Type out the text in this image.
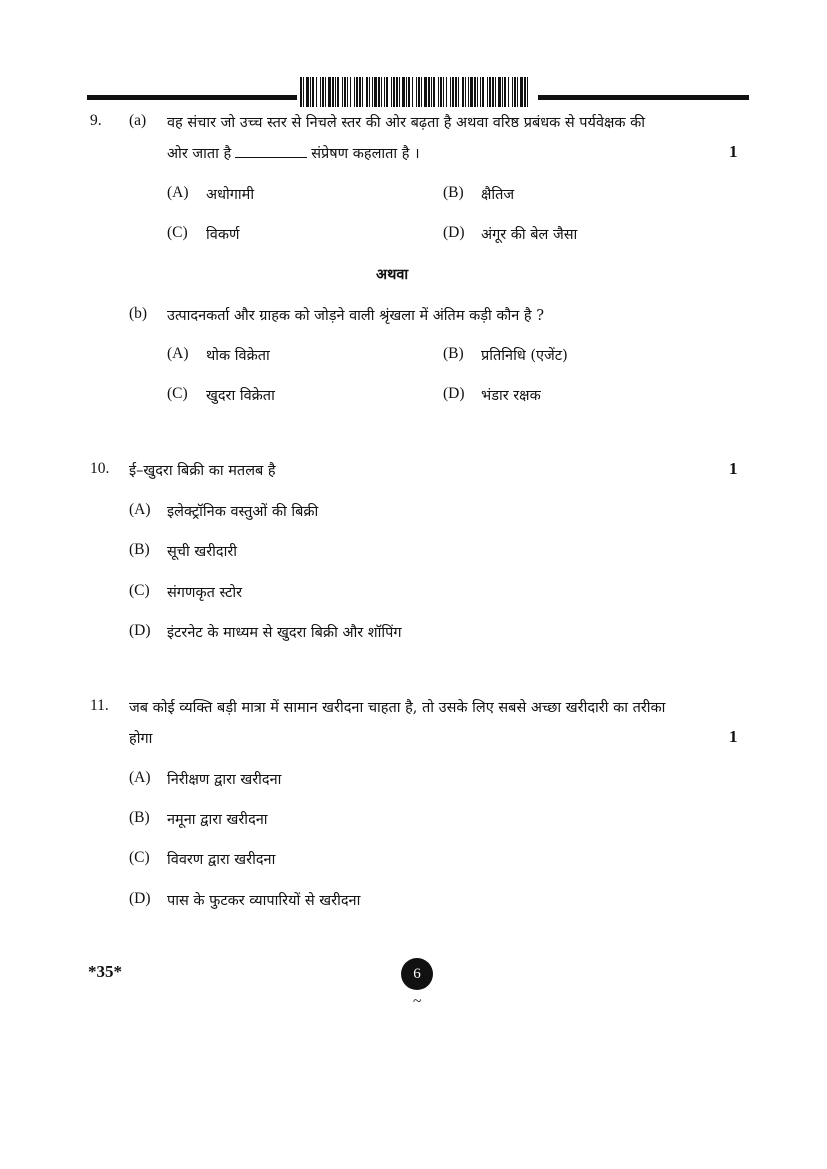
9. (a) वह संचार जो उच्च स्तर से निचले स्तर की ओर बढ़ता है अथवा वरिष्ठ प्रबंधक से पर्यवेक्षक की
ओर जाता है	संप्रेषण कहलाता है ।	1
(A) अधोगामी	(B) क्षैतिज
(C) विकर्ण	(D) अंगूर की बेल जैसा
अथवा
(b) उत्पादनकर्ता और ग्राहक को जोड़ने वाली श्रृंखला में अंतिम कड़ी कौन है ?
(A) थोक विक्रेता	(B) प्रतिनिधि (एजेंट)
(C) खुदरा विक्रेता	(D) भंडार रक्षक
10. ई–खुदरा बिक्री का मतलब है	1
(A) इलेक्ट्रॉनिक वस्तुओं की बिक्री
(B) सूची खरीदारी
(C) संगणकृत स्टोर
(D) इंटरनेट के माध्यम से खुदरा बिक्री और शॉपिंग
11. जब कोई व्यक्ति बड़ी मात्रा में सामान खरीदना चाहता है, तो उसके लिए सबसे अच्छा खरीदारी का तरीका
होगा	1
(A) निरीक्षण द्वारा खरीदना
(B) नमूना द्वारा खरीदना
(C) विवरण द्वारा खरीदना
(D) पास के फुटकर व्यापारियों से खरीदना
*35*	6
~
